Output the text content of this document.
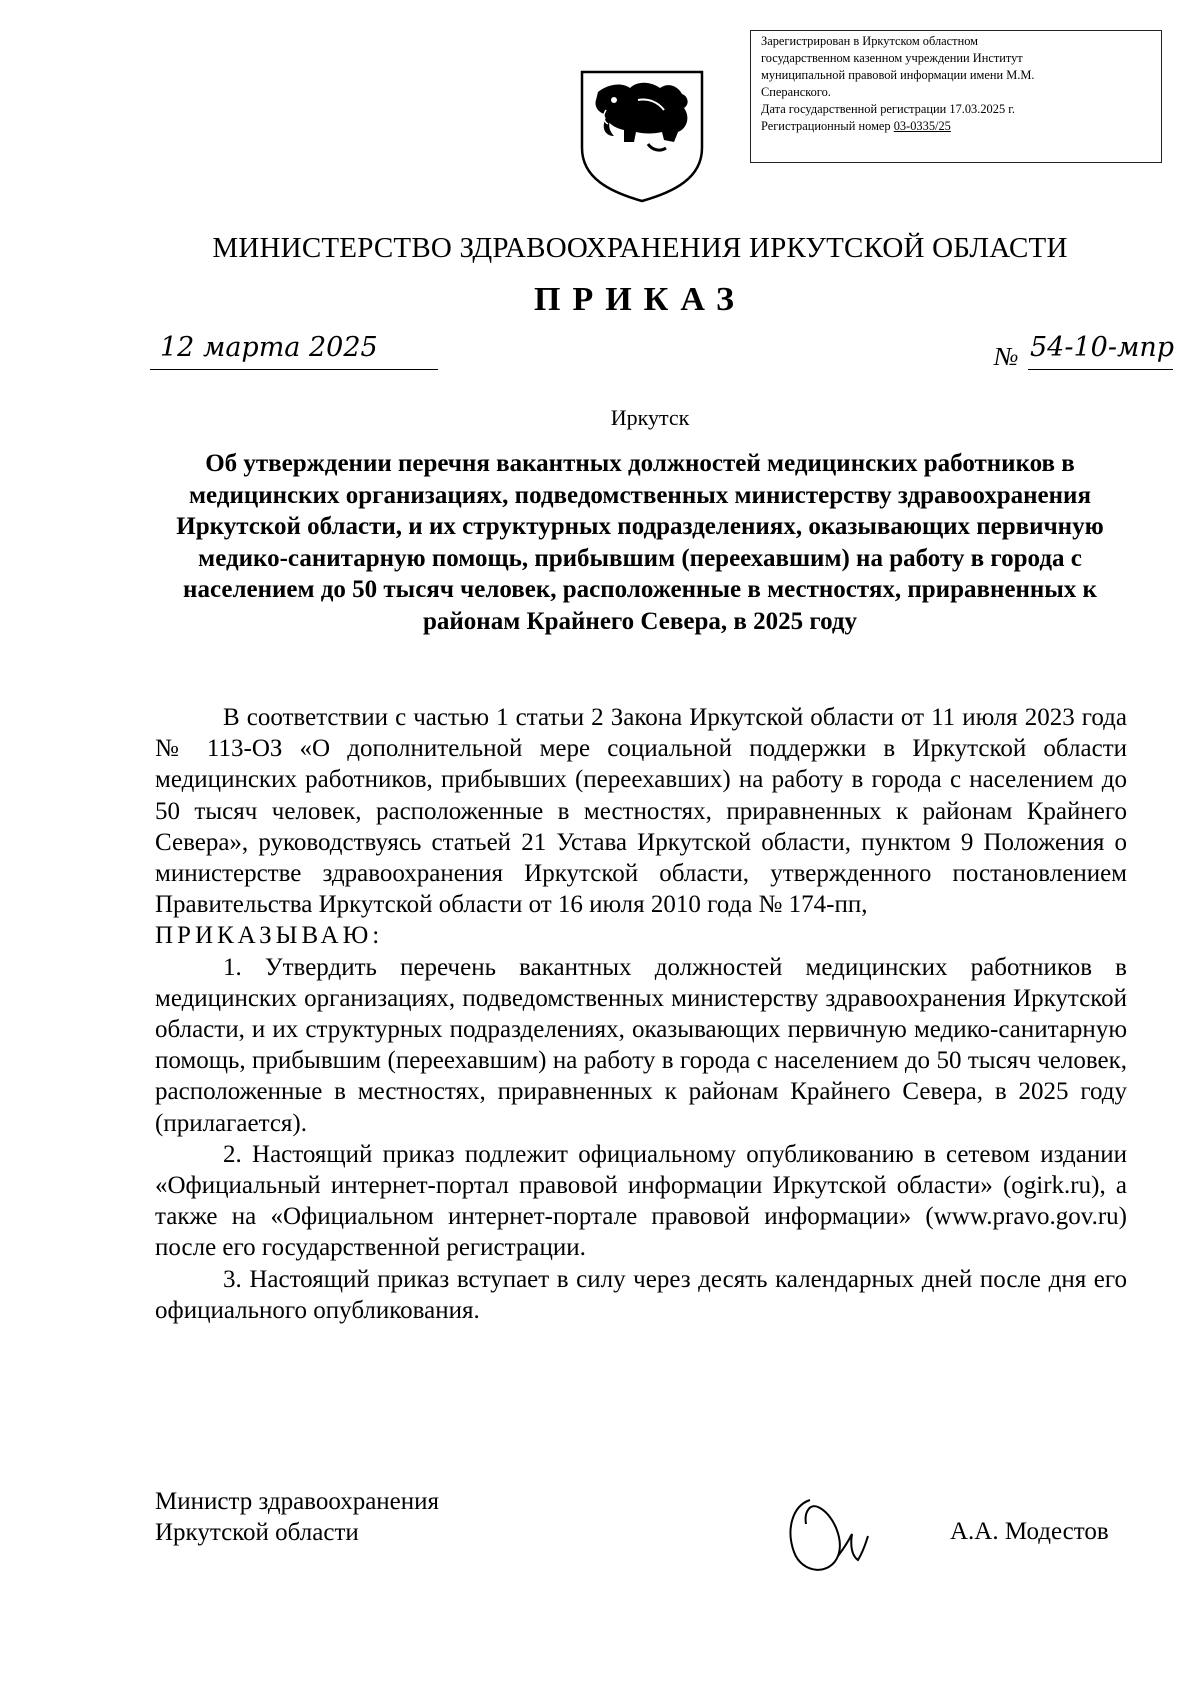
Зарегистрирован в Иркутском областном
государственном казенном учреждении Институт
муниципальной правовой информации имени М.М.
Сперанского.
Дата государственной регистрации 17.03.2025 г.
Регистрационный номер 03-0335/25
МИНИСТЕРСТВО ЗДРАВООХРАНЕНИЯ ИРКУТСКОЙ ОБЛАСТИ
ПРИКАЗ
12 марта 2025	№ 54-10-мпр
Иркутск
Об утверждении перечня вакантных должностей медицинских работников в медицинских организациях, подведомственных министерству здравоохранения Иркутской области, и их структурных подразделениях, оказывающих первичную медико-санитарную помощь, прибывшим (переехавшим) на работу в города с населением до 50 тысяч человек, расположенные в местностях, приравненных к районам Крайнего Севера, в 2025 году

В соответствии с частью 1 статьи 2 Закона Иркутской области от 11 июля 2023 года № 113-ОЗ «О дополнительной мере социальной поддержки в Иркутской области медицинских работников, прибывших (переехавших) на работу в города с населением до 50 тысяч человек, расположенные в местностях, приравненных к районам Крайнего Севера», руководствуясь статьей 21 Устава Иркутской области, пунктом 9 Положения о министерстве здравоохранения Иркутской области, утвержденного постановлением Правительства Иркутской области от 16 июля 2010 года № 174-пп,

ПРИКАЗЫВАЮ:

1. Утвердить перечень вакантных должностей медицинских работников в медицинских организациях, подведомственных министерству здравоохранения Иркутской области, и их структурных подразделениях, оказывающих первичную медико-санитарную помощь, прибывшим (переехавшим) на работу в города с населением до 50 тысяч человек, расположенные в местностях, приравненных к районам Крайнего Севера, в 2025 году (прилагается).

2. Настоящий приказ подлежит официальному опубликованию в сетевом издании «Официальный интернет-портал правовой информации Иркутской области» (ogirk.ru), а также на «Официальном интернет-портале правовой информации» (www.pravo.gov.ru) после его государственной регистрации.

3. Настоящий приказ вступает в силу через десять календарных дней после дня его официального опубликования.

Министр здравоохранения
Иркутской области	А.А. Модестов
